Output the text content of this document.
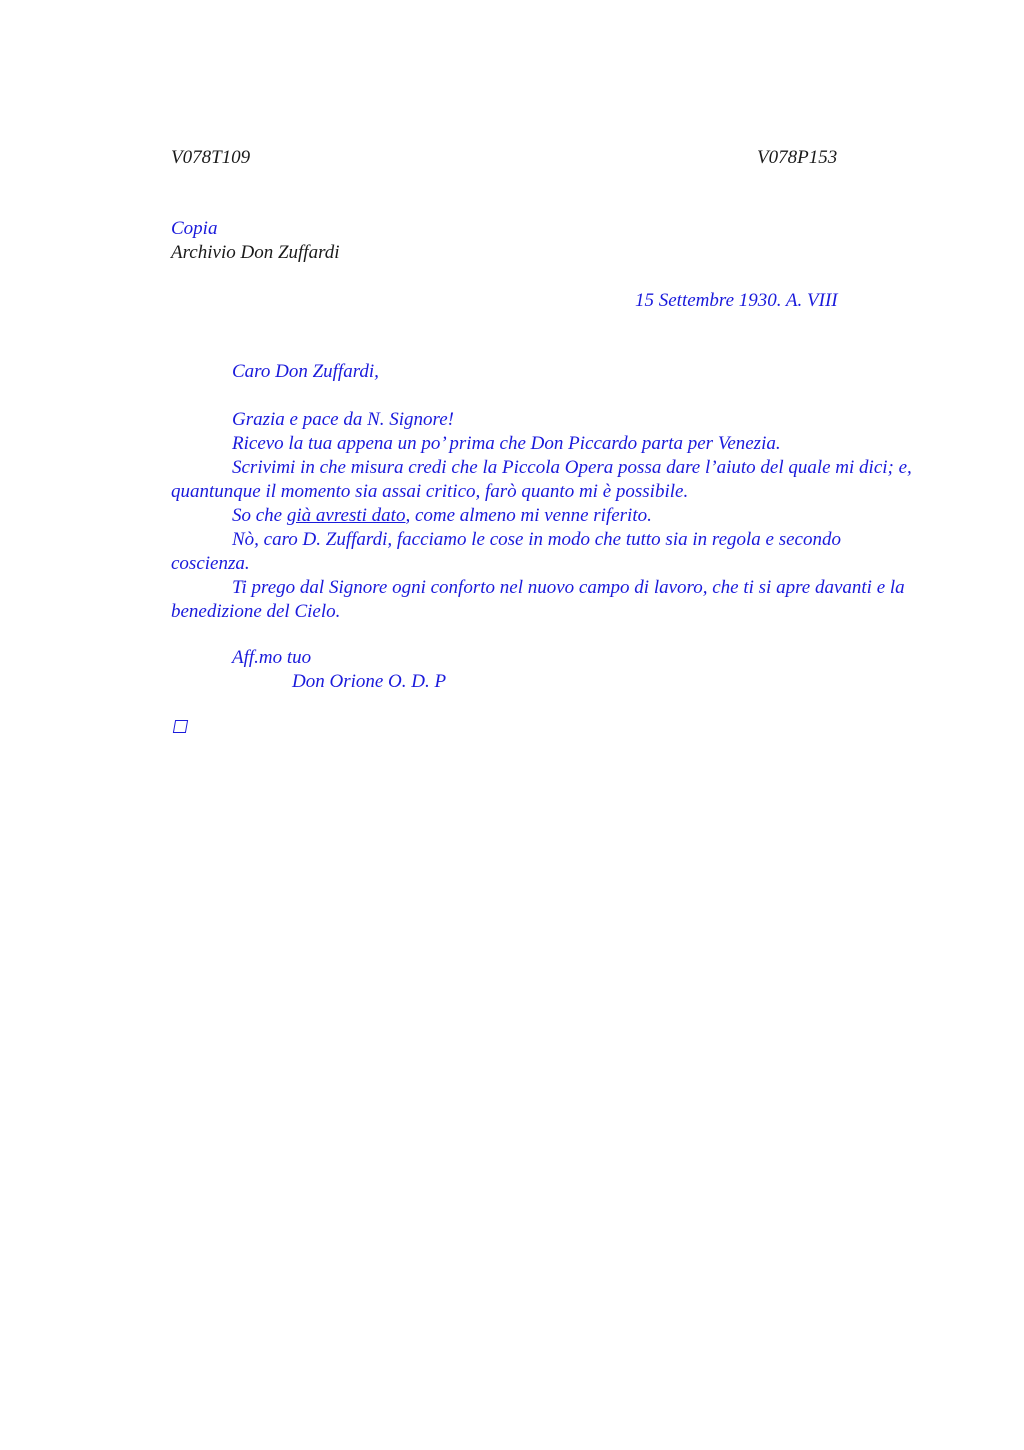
V078T109	V078P153
Copia
Archivio Don Zuffardi
15 Settembre 1930. A. VIII
Caro Don Zuffardi,

Grazia e pace da N. Signore!

Ricevo la tua appena un po’ prima che Don Piccardo parta per Venezia.

Scrivimi in che misura credi che la Piccola Opera possa dare l’aiuto del quale mi dici; e, quantunque il momento sia assai critico, farò quanto mi è possibile.

So che già avresti dato, come almeno mi venne riferito.

Nò, caro D. Zuffardi, facciamo le cose in modo che tutto sia in regola e secondo coscienza.

Ti prego dal Signore ogni conforto nel nuovo campo di lavoro, che ti si apre davanti e la benedizione del Cielo.

Aff.mo tuo
Don Orione O. D. P
